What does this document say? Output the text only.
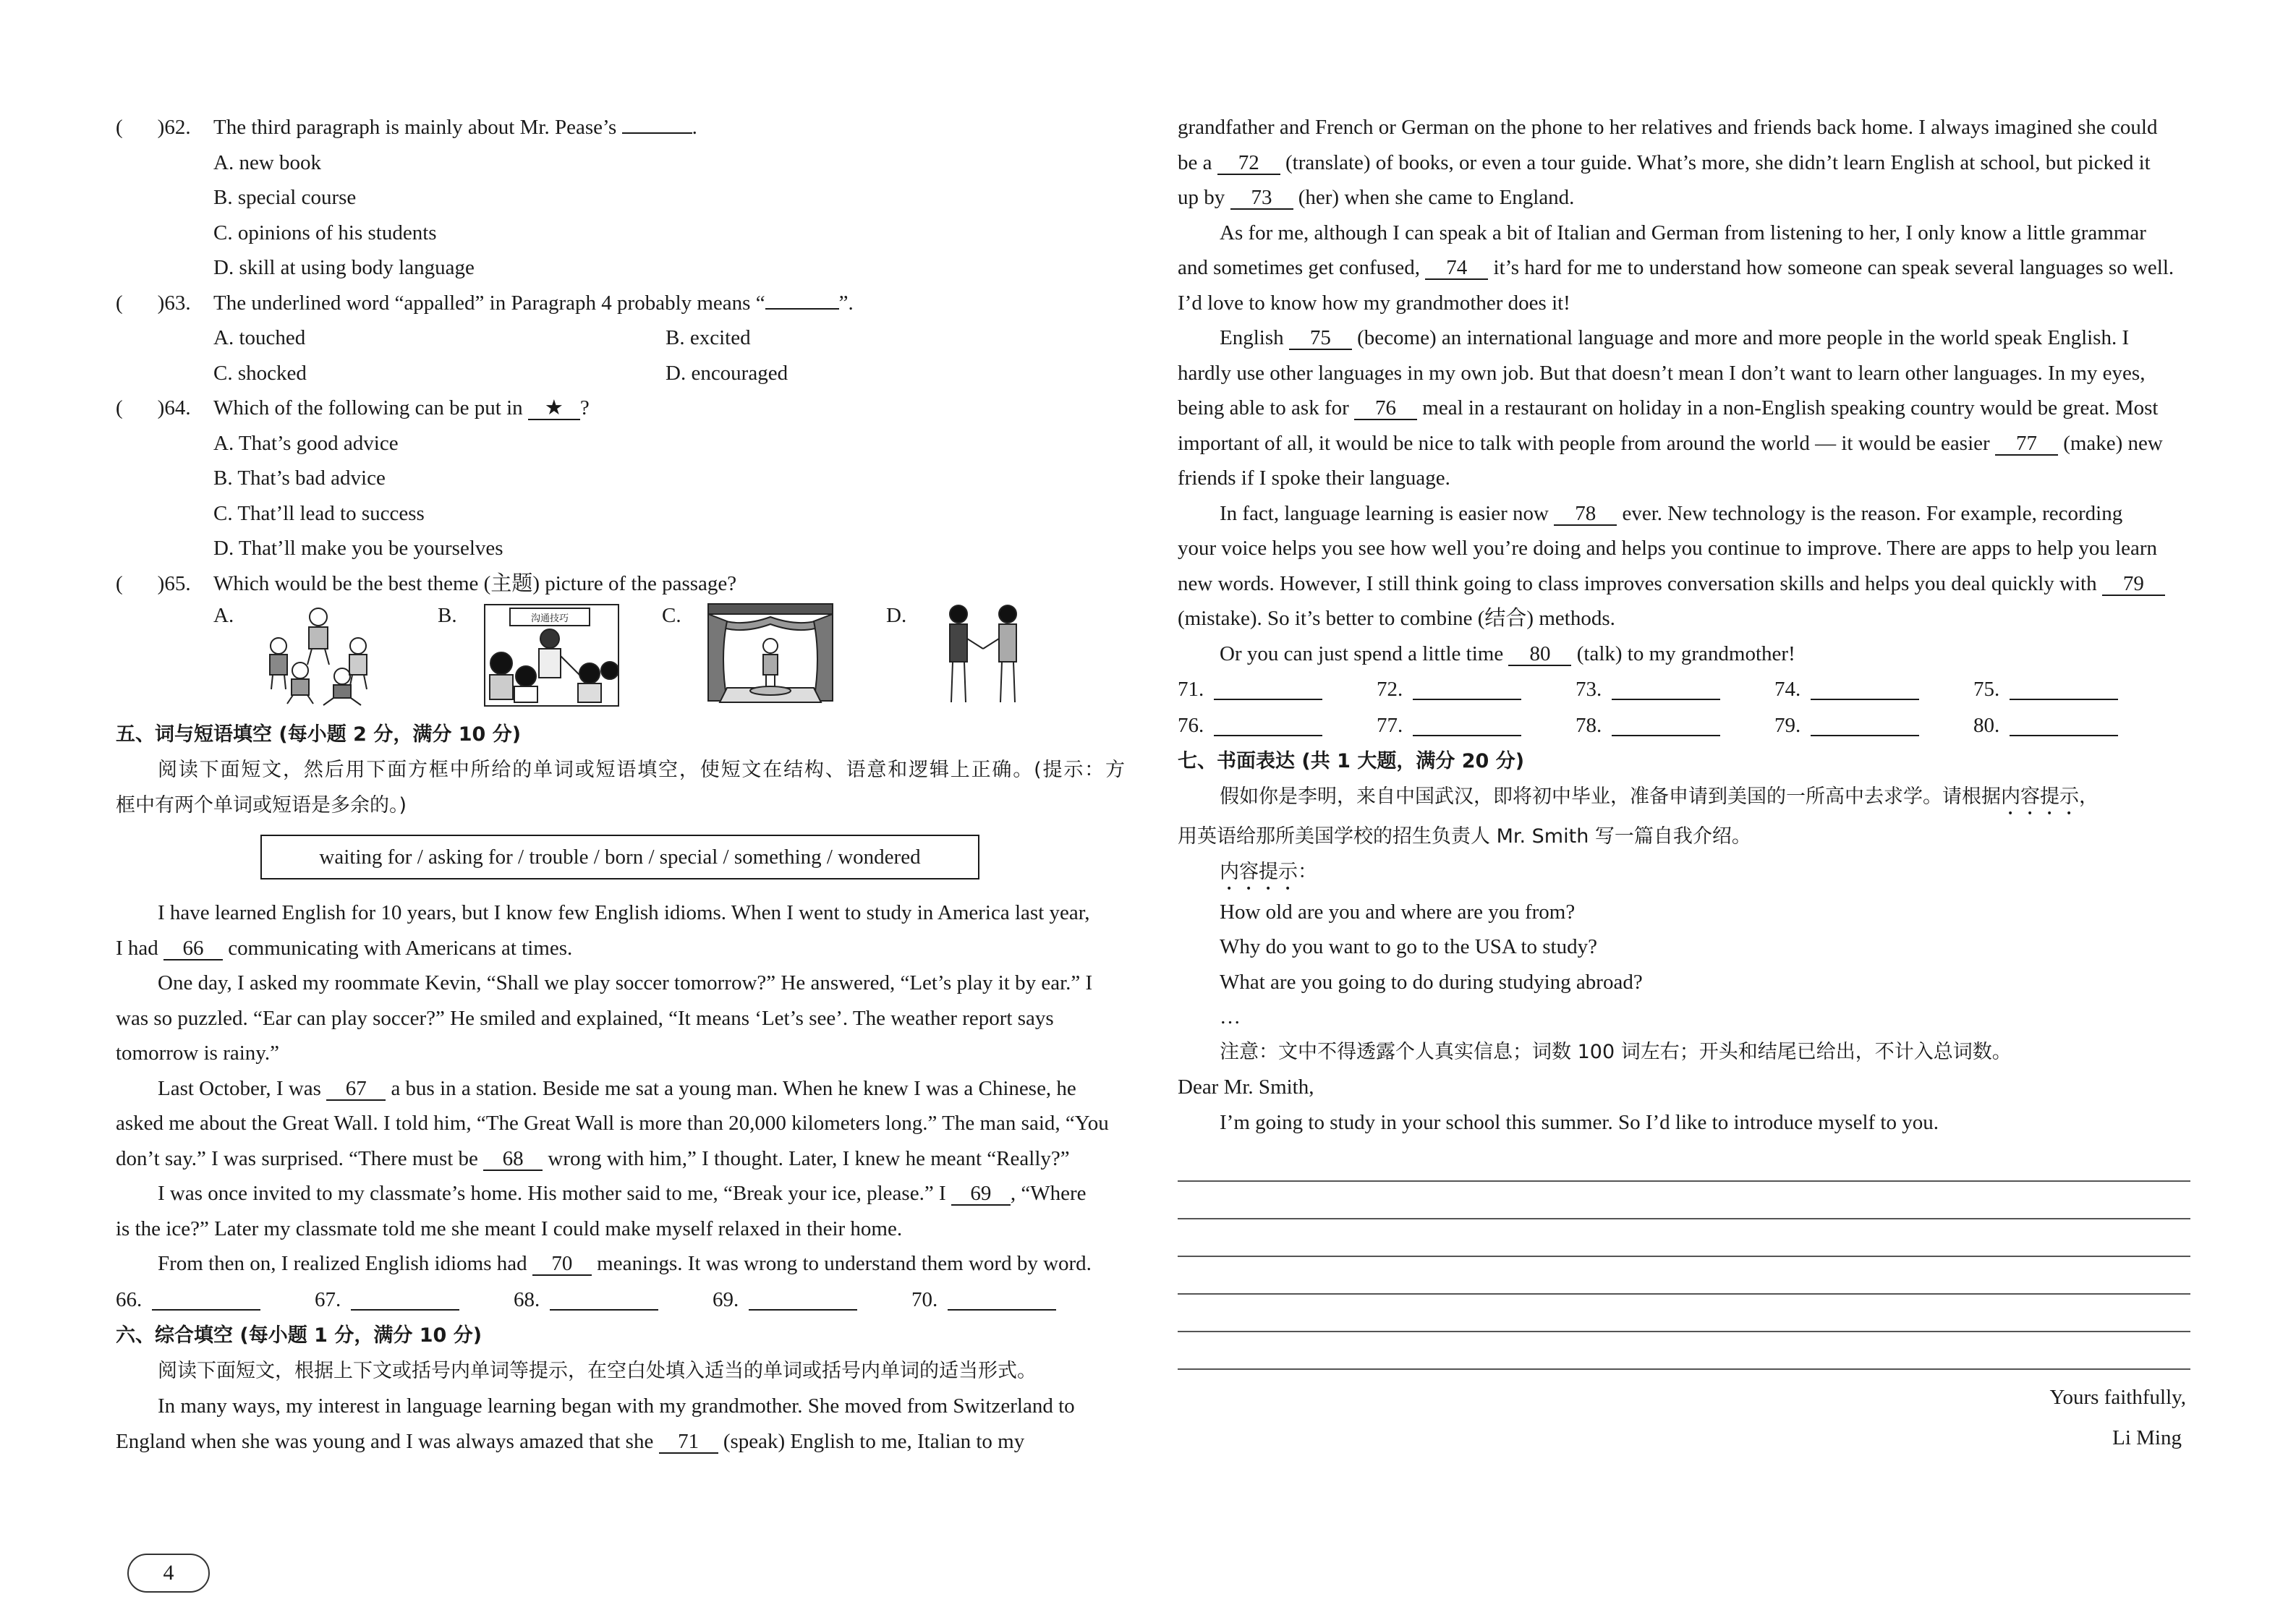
( )62. The third paragraph is mainly about Mr. Pease’s	.
A. new book
B. special course
C. opinions of his students
D. skill at using body language
( )63. The underlined word “appalled” in Paragraph 4 probably means “	”.
A. touched	B. excited
C. shocked	D. encouraged
( )64. Which of the following can be put in ★ ?
A. That’s good advice
B. That’s bad advice
C. That’ll lead to success
D. That’ll make you be yourselves
( )65. Which would be the best theme (主题) picture of the passage?
A.	B.	沟通技巧	C.	D.
五、词与短语填空 (每小题 2 分，满分 10 分)
阅读下面短文，然后用下面方框中所给的单词或短语填空，使短文在结构、语意和逻辑上正确。(提示：方
框中有两个单词或短语是多余的。)
waiting for / asking for / trouble / born / special / something / wondered
I have learned English for 10 years, but I know few English idioms. When I went to study in America last year,
I had 66 communicating with Americans at times.
One day, I asked my roommate Kevin, “Shall we play soccer tomorrow?” He answered, “Let’s play it by ear.” I
was so puzzled. “Ear can play soccer?” He smiled and explained, “It means ‘Let’s see’. The weather report says
tomorrow is rainy.”
Last October, I was 67 a bus in a station. Beside me sat a young man. When he knew I was a Chinese, he
asked me about the Great Wall. I told him, “The Great Wall is more than 20,000 kilometers long.” The man said, “You
don’t say.” I was surprised. “There must be 68 wrong with him,” I thought. Later, I knew he meant “Really?”
I was once invited to my classmate’s home. His mother said to me, “Break your ice, please.” I 69 , “Where
is the ice?” Later my classmate told me she meant I could make myself relaxed in their home.
From then on, I realized English idioms had 70 meanings. It was wrong to understand them word by word.
66.	67.	68.	69.	70.
六、综合填空 (每小题 1 分，满分 10 分)
阅读下面短文，根据上下文或括号内单词等提示，在空白处填入适当的单词或括号内单词的适当形式。
In many ways, my interest in language learning began with my grandmother. She moved from Switzerland to
England when she was young and I was always amazed that she 71 (speak) English to me, Italian to my
4
grandfather and French or German on the phone to her relatives and friends back home. I always imagined she could
be a 72 (translate) of books, or even a tour guide. What’s more, she didn’t learn English at school, but picked it
up by 73 (her) when she came to England.
As for me, although I can speak a bit of Italian and German from listening to her, I only know a little grammar
and sometimes get confused, 74 it’s hard for me to understand how someone can speak several languages so well.
I’d love to know how my grandmother does it!
English 75 (become) an international language and more and more people in the world speak English. I
hardly use other languages in my own job. But that doesn’t mean I don’t want to learn other languages. In my eyes,
being able to ask for 76 meal in a restaurant on holiday in a non-English speaking country would be great. Most
important of all, it would be nice to talk with people from around the world — it would be easier 77 (make) new
friends if I spoke their language.
In fact, language learning is easier now 78 ever. New technology is the reason. For example, recording
your voice helps you see how well you’re doing and helps you continue to improve. There are apps to help you learn
new words. However, I still think going to class improves conversation skills and helps you deal quickly with 79
(mistake). So it’s better to combine (结合) methods.
Or you can just spend a little time 80 (talk) to my grandmother!
71.	72.	73.	74.	75.
76.	77.	78.	79.	80.
七、书面表达 (共 1 大题，满分 20 分)
假如你是李明，来自中国武汉，即将初中毕业，准备申请到美国的一所高中去求学。请根据内容提示，
用英语给那所美国学校的招生负责人 Mr. Smith 写一篇自我介绍。
内容提示：
How old are you and where are you from?
Why do you want to go to the USA to study?
What are you going to do during studying abroad?
…
注意：文中不得透露个人真实信息；词数 100 词左右；开头和结尾已给出，不计入总词数。
Dear Mr. Smith,
I’m going to study in your school this summer. So I’d like to introduce myself to you.
Yours faithfully,
Li Ming
